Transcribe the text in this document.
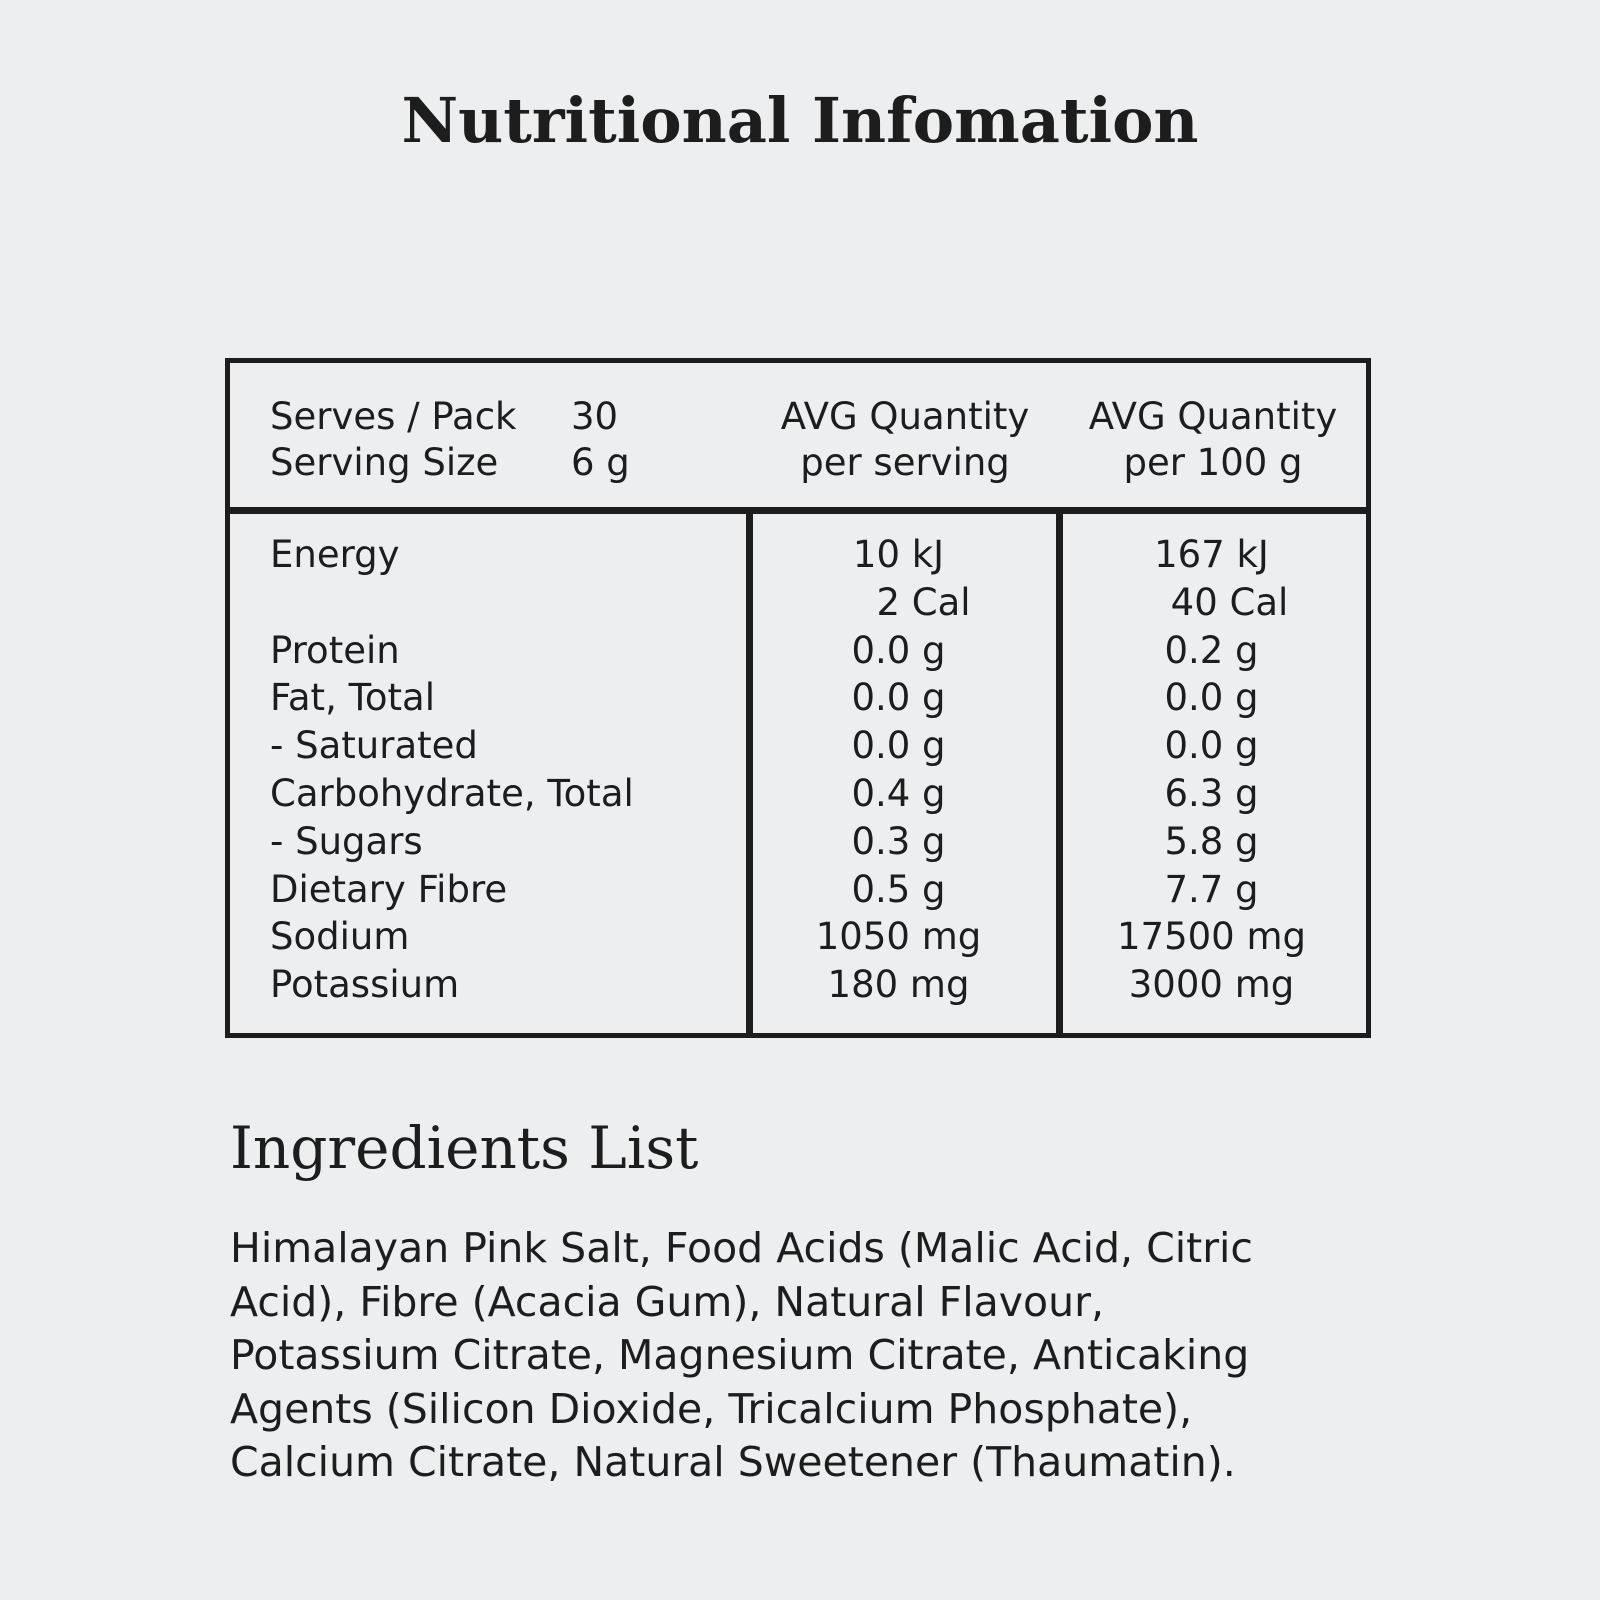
Nutritional Infomation
Serves / Pack
Serving Size
30
6 g
AVG Quantity
per serving
AVG Quantity
per 100 g
Energy
Protein
Fat, Total
- Saturated
Carbohydrate, Total
- Sugars
Dietary Fibre
Sodium
Potassium
10 kJ
2 Cal
0.0 g
0.0 g
0.0 g
0.4 g
0.3 g
0.5 g
1050 mg
180 mg
167 kJ
40 Cal
0.2 g
0.0 g
0.0 g
6.3 g
5.8 g
7.7 g
17500 mg
3000 mg
Ingredients List
Himalayan Pink Salt, Food Acids (Malic Acid, Citric
Acid), Fibre (Acacia Gum), Natural Flavour,
Potassium Citrate, Magnesium Citrate, Anticaking
Agents (Silicon Dioxide, Tricalcium Phosphate),
Calcium Citrate, Natural Sweetener (Thaumatin).
